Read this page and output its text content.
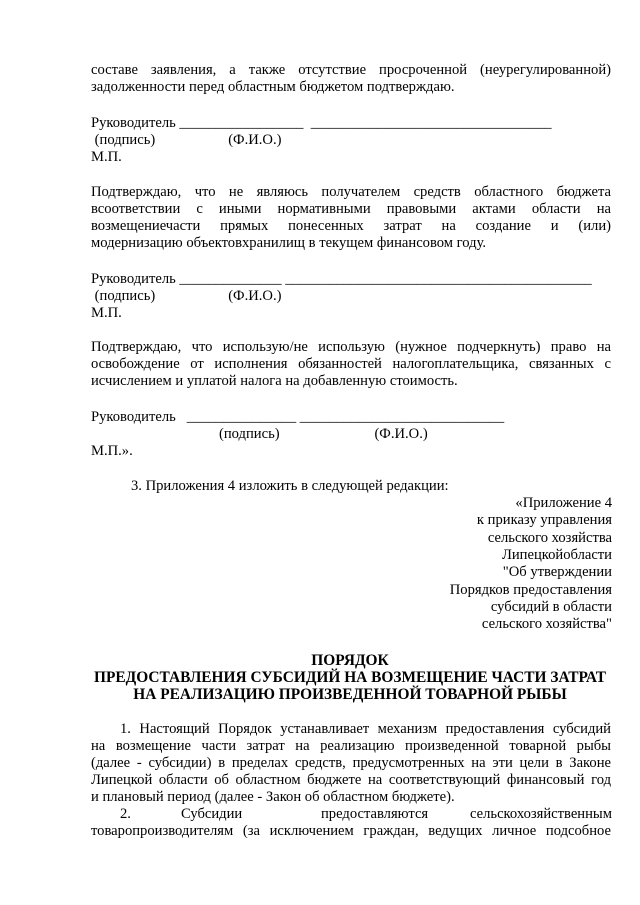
составе заявления, а также отсутствие просроченной (неурегулированной)
задолженности перед областным бюджетом подтверждаю.
Руководитель _________________  _________________________________
(подпись)                    (Ф.И.О.)
М.П.
Подтверждаю, что не являюсь получателем средств областного бюджета
всоответствии с иными нормативными правовыми актами области на
возмещениечасти прямых понесенных затрат на создание и (или)
модернизацию объектовхранилищ в текущем финансовом году.
Руководитель ______________ __________________________________________
(подпись)                    (Ф.И.О.)
М.П.
Подтверждаю, что использую/не использую (нужное подчеркнуть) право на
освобождение от исполнения обязанностей налогоплательщика, связанных с
исчислением и уплатой налога на добавленную стоимость.
Руководитель   _______________ ____________________________
(подпись)                          (Ф.И.О.)
М.П.».
3. Приложения 4 изложить в следующей редакции:
«Приложение 4
к приказу управления
сельского хозяйства
Липецкойобласти
"Об утверждении
Порядков предоставления
субсидий в области
сельского хозяйства"
ПОРЯДОК
ПРЕДОСТАВЛЕНИЯ СУБСИДИЙ НА ВОЗМЕЩЕНИЕ ЧАСТИ ЗАТРАТ
НА РЕАЛИЗАЦИЮ ПРОИЗВЕДЕННОЙ ТОВАРНОЙ РЫБЫ
1. Настоящий Порядок устанавливает механизм предоставления субсидий
на возмещение части затрат на реализацию произведенной товарной рыбы
(далее - субсидии) в пределах средств, предусмотренных на эти цели в Законе
Липецкой области об областном бюджете на соответствующий финансовый год
и плановый период (далее - Закон об областном бюджете).
2.	Субсидии	предоставляются	сельскохозяйственным
товаропроизводителям (за исключением граждан, ведущих личное подсобное
